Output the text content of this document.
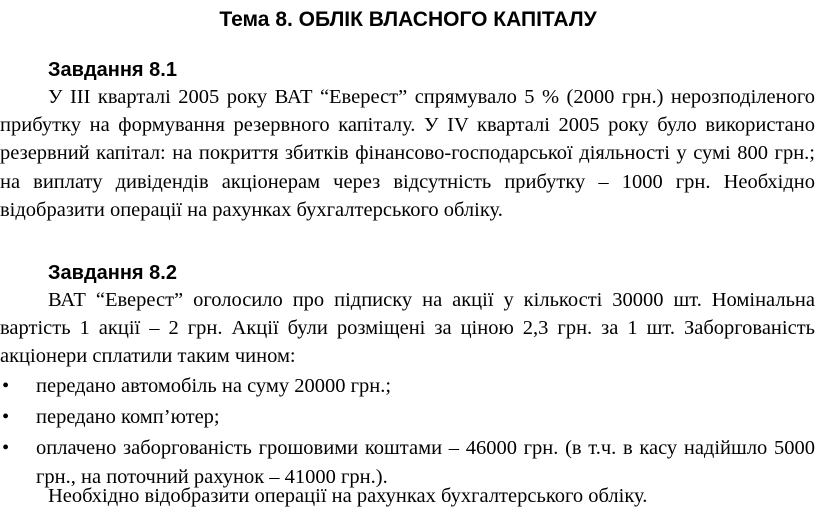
Тема 8. ОБЛІК ВЛАСНОГО КАПІТАЛУ
Завдання 8.1

У ІІІ кварталі 2005 року ВАТ “Еверест” спрямувало 5 % (2000 грн.) нерозподіленого прибутку на формування резервного капіталу. У IV кварталі 2005 року було використано резервний капітал: на покриття збитків фінансово-господарської діяльності у сумі 800 грн.; на виплату дивідендів акціонерам через відсутність прибутку – 1000 грн. Необхідно відобразити операції на рахунках бухгалтерського обліку.

Завдання 8.2

ВАТ “Еверест” оголосило про підписку на акції у кількості 30000 шт. Номінальна вартість 1 акції – 2 грн. Акції були розміщені за ціною 2,3 грн. за 1 шт. Заборгованість акціонери сплатили таким чином:

•	передано автомобіль на суму 20000 грн.;
•	передано комп’ютер;
•	оплачено заборгованість грошовими коштами – 46000 грн. (в т.ч. в касу надійшло 5000 грн., на поточний рахунок – 41000 грн.).

Необхідно відобразити операції на рахунках бухгалтерського обліку.
